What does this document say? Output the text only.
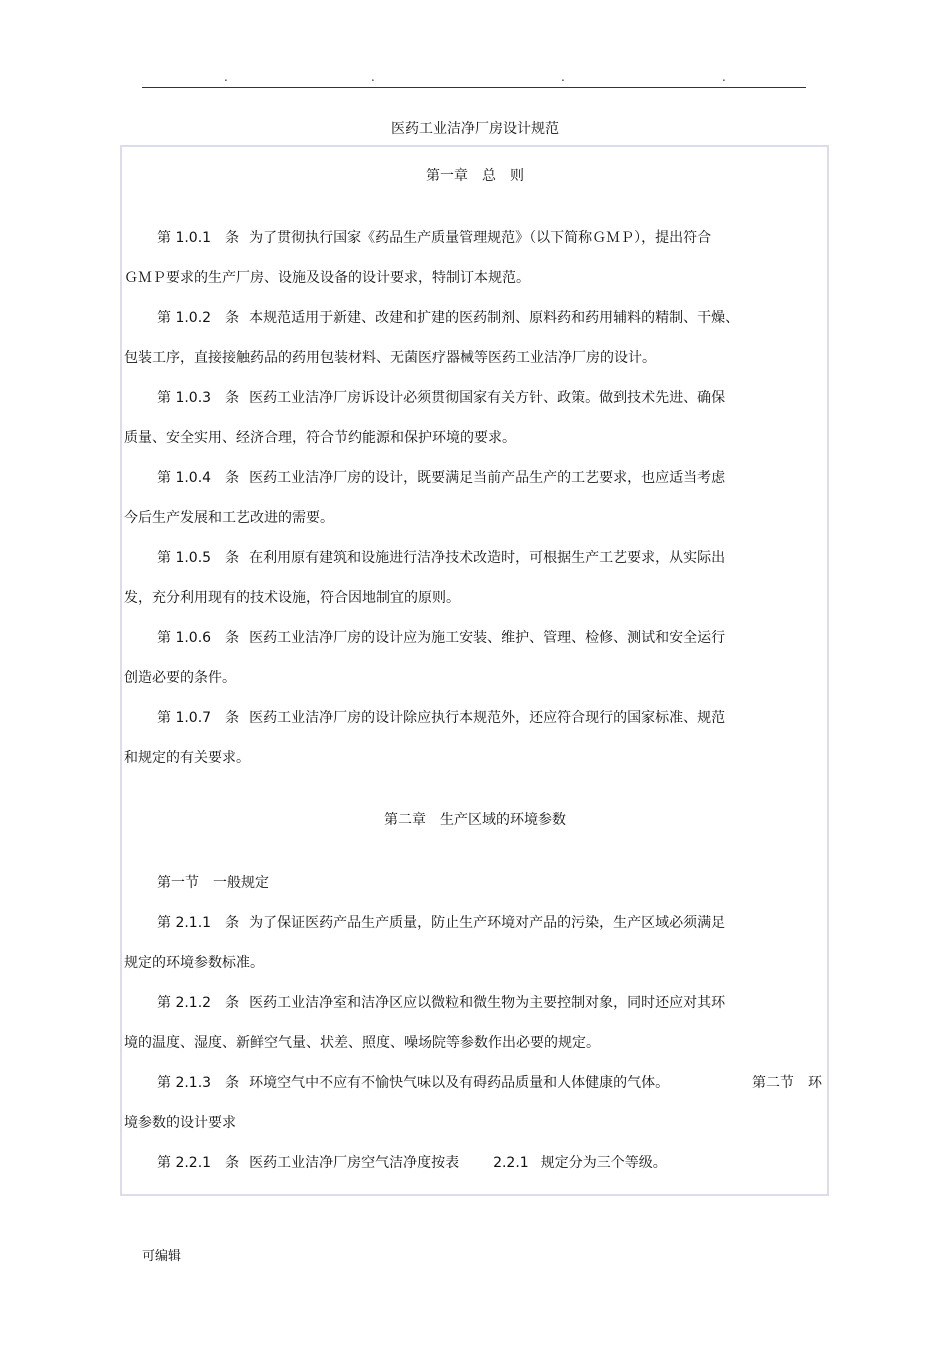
.	.	.	.
医药工业洁净厂房设计规范
第一章　总　则
第 1.0.1　条 为了贯彻执行国家《药品生产质量管理规范》（以下简称ＧＭＰ），提出符合
ＧＭＰ要求的生产厂房、设施及设备的设计要求，特制订本规范。
第 1.0.2　条 本规范适用于新建、改建和扩建的医药制剂、原料药和药用辅料的精制、干燥、
包装工序，直接接触药品的药用包装材料、无菌医疗器械等医药工业洁净厂房的设计。
第 1.0.3　条 医药工业洁净厂房诉设计必须贯彻国家有关方针、政策。做到技术先进、确保
质量、安全实用、经济合理，符合节约能源和保护环境的要求。
第 1.0.4　条 医药工业洁净厂房的设计，既要满足当前产品生产的工艺要求，也应适当考虑
今后生产发展和工艺改进的需要。
第 1.0.5　条 在利用原有建筑和设施进行洁净技术改造时，可根据生产工艺要求，从实际出
发，充分利用现有的技术设施，符合因地制宜的原则。
第 1.0.6　条 医药工业洁净厂房的设计应为施工安装、维护、管理、检修、测试和安全运行
创造必要的条件。
第 1.0.7　条 医药工业洁净厂房的设计除应执行本规范外，还应符合现行的国家标准、规范
和规定的有关要求。
第二章　生产区域的环境参数
第一节　一般规定
第 2.1.1　条 为了保证医药产品生产质量，防止生产环境对产品的污染，生产区域必须满足
规定的环境参数标准。
第 2.1.2　条 医药工业洁净室和洁净区应以微粒和微生物为主要控制对象，同时还应对其环
境的温度、湿度、新鲜空气量、状差、照度、噪场院等参数作出必要的规定。
第 2.1.3　条 环境空气中不应有不愉快气味以及有碍药品质量和人体健康的气体。	第二节　环
境参数的设计要求
第 2.2.1　条 医药工业洁净厂房空气洁净度按表 2.2.1 规定分为三个等级。
可编辑
